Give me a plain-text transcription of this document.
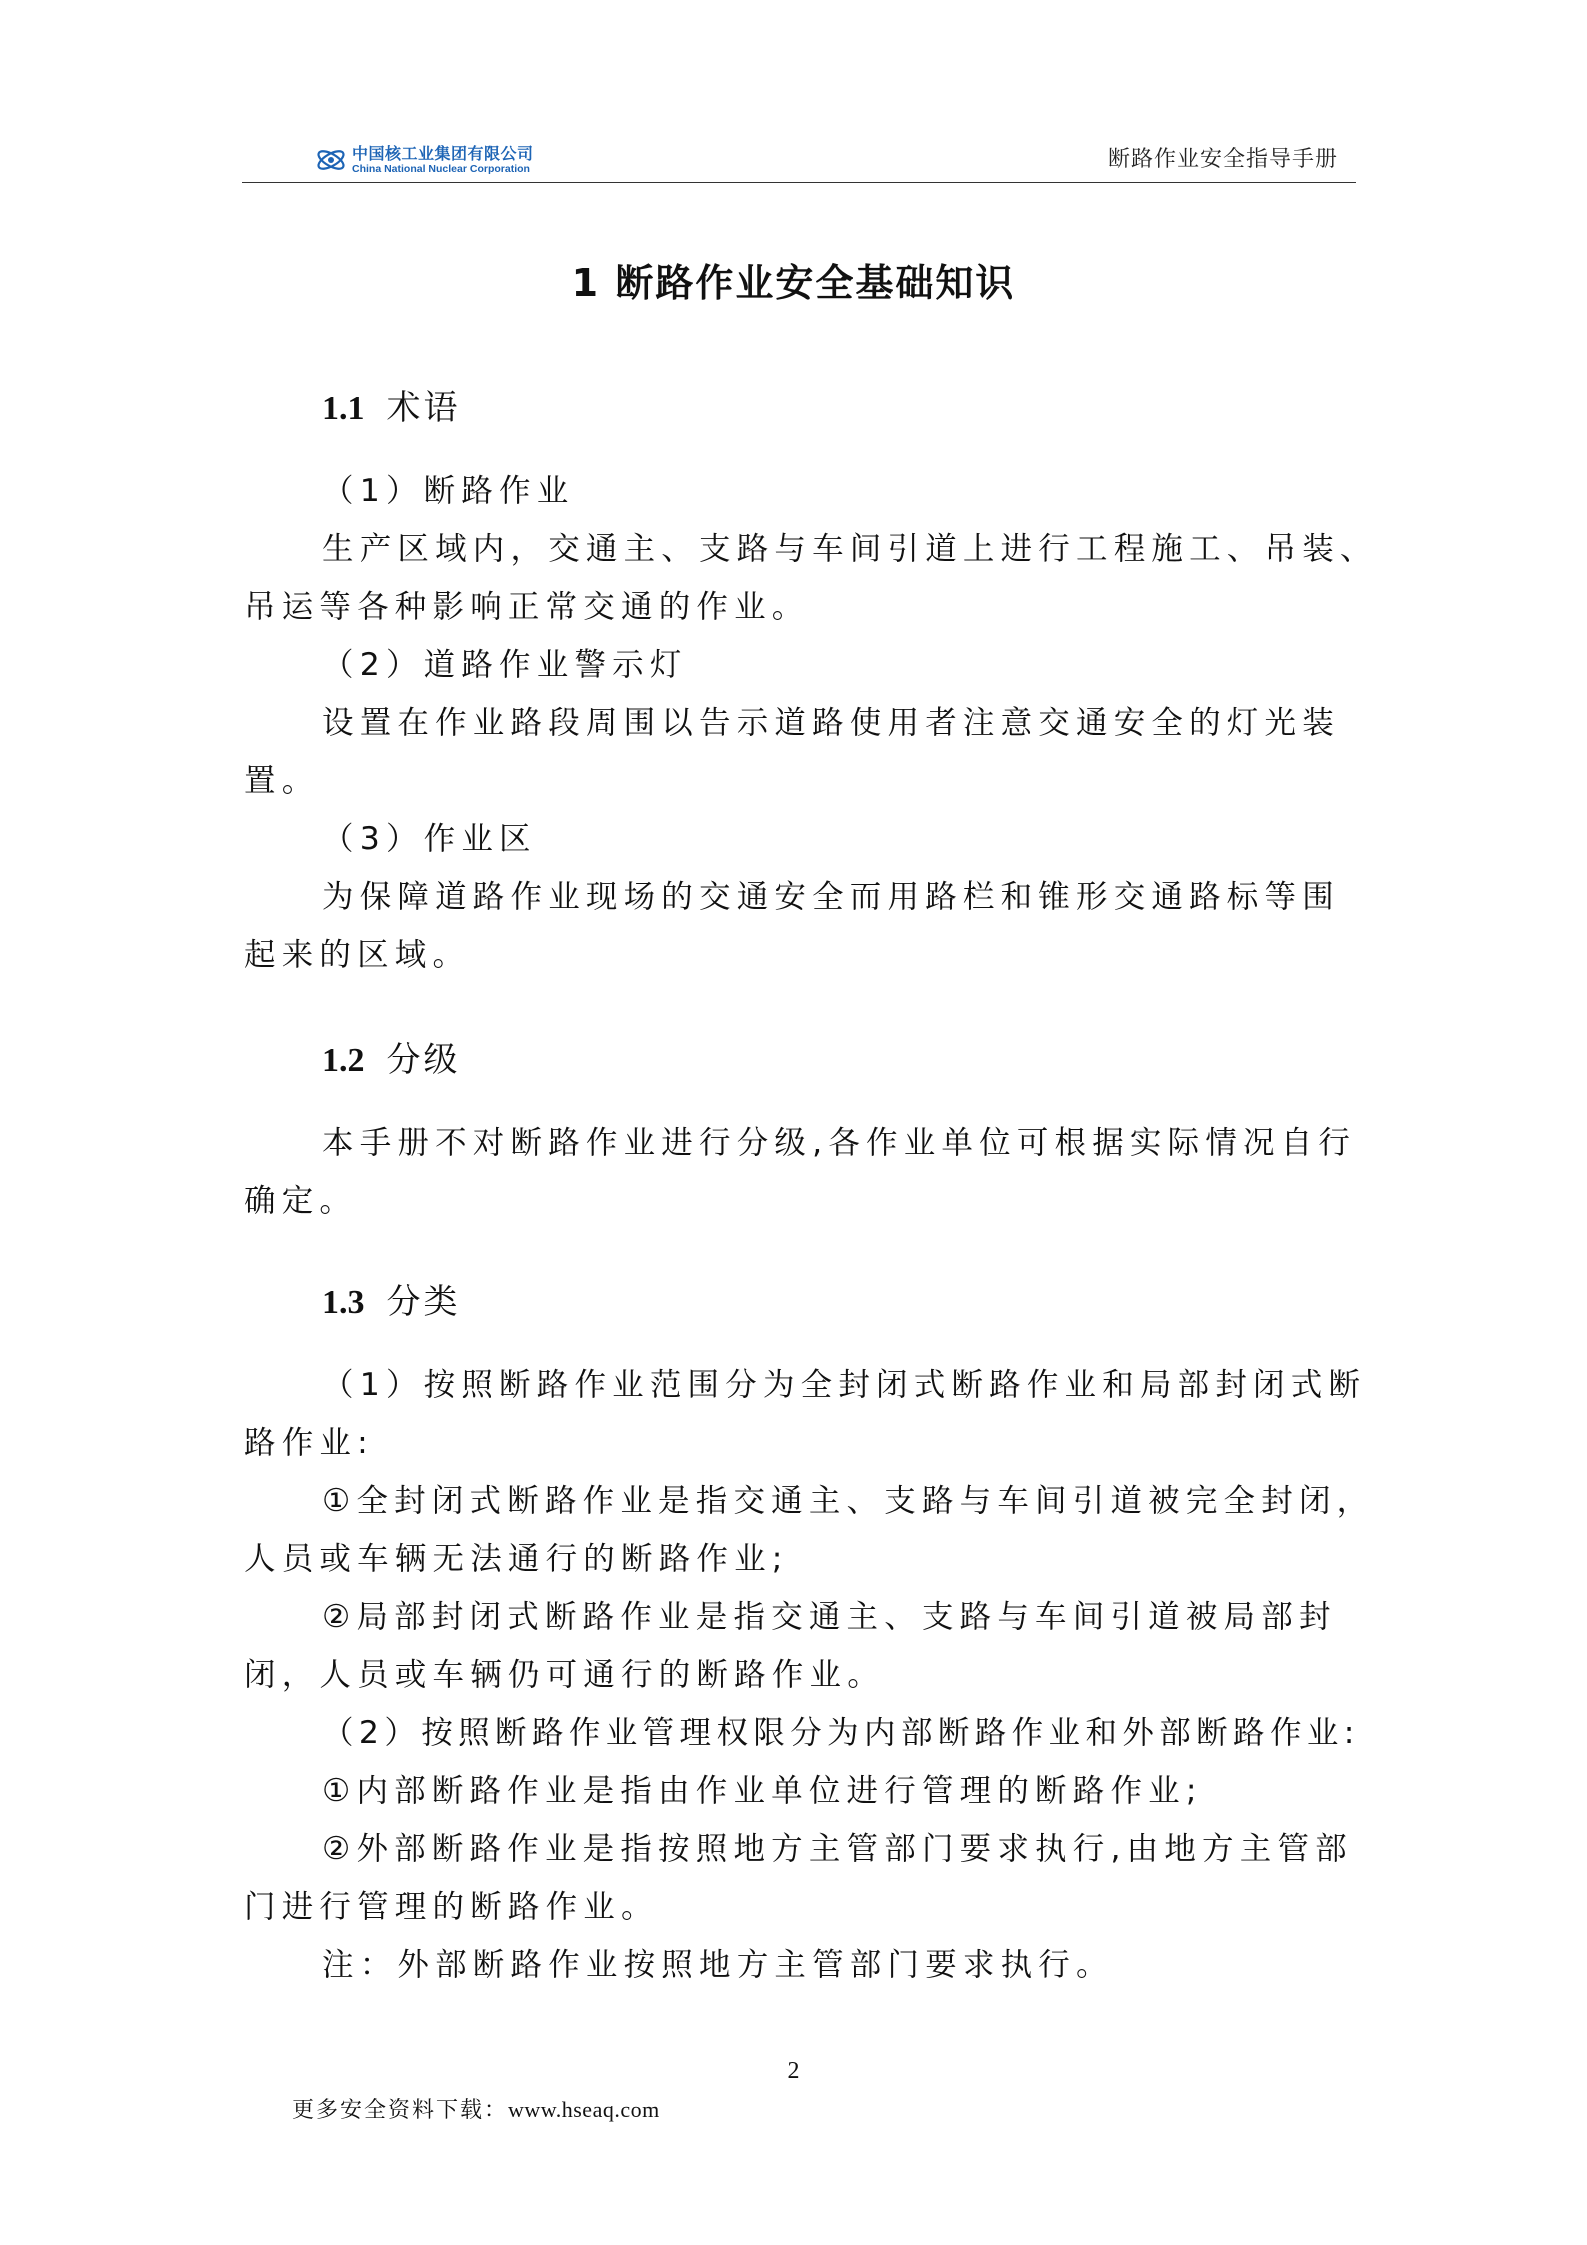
中国核工业集团有限公司
China National Nuclear Corporation	断路作业安全指导手册
1 断路作业安全基础知识
1.1 术语
（1）断路作业
生产区域内，交通主、支路与车间引道上进行工程施工、吊装、
吊运等各种影响正常交通的作业。
（2）道路作业警示灯
设置在作业路段周围以告示道路使用者注意交通安全的灯光装
置。
（3）作业区
为保障道路作业现场的交通安全而用路栏和锥形交通路标等围
起来的区域。
1.2 分级
本手册不对断路作业进行分级,各作业单位可根据实际情况自行
确定。
1.3 分类
（1）按照断路作业范围分为全封闭式断路作业和局部封闭式断
路作业:
①全封闭式断路作业是指交通主、支路与车间引道被完全封闭，
人员或车辆无法通行的断路作业;
②局部封闭式断路作业是指交通主、支路与车间引道被局部封
闭，人员或车辆仍可通行的断路作业。
（2）按照断路作业管理权限分为内部断路作业和外部断路作业:
①内部断路作业是指由作业单位进行管理的断路作业;
②外部断路作业是指按照地方主管部门要求执行,由地方主管部
门进行管理的断路作业。
注：外部断路作业按照地方主管部门要求执行。
2
更多安全资料下载：www.hseaq.com
